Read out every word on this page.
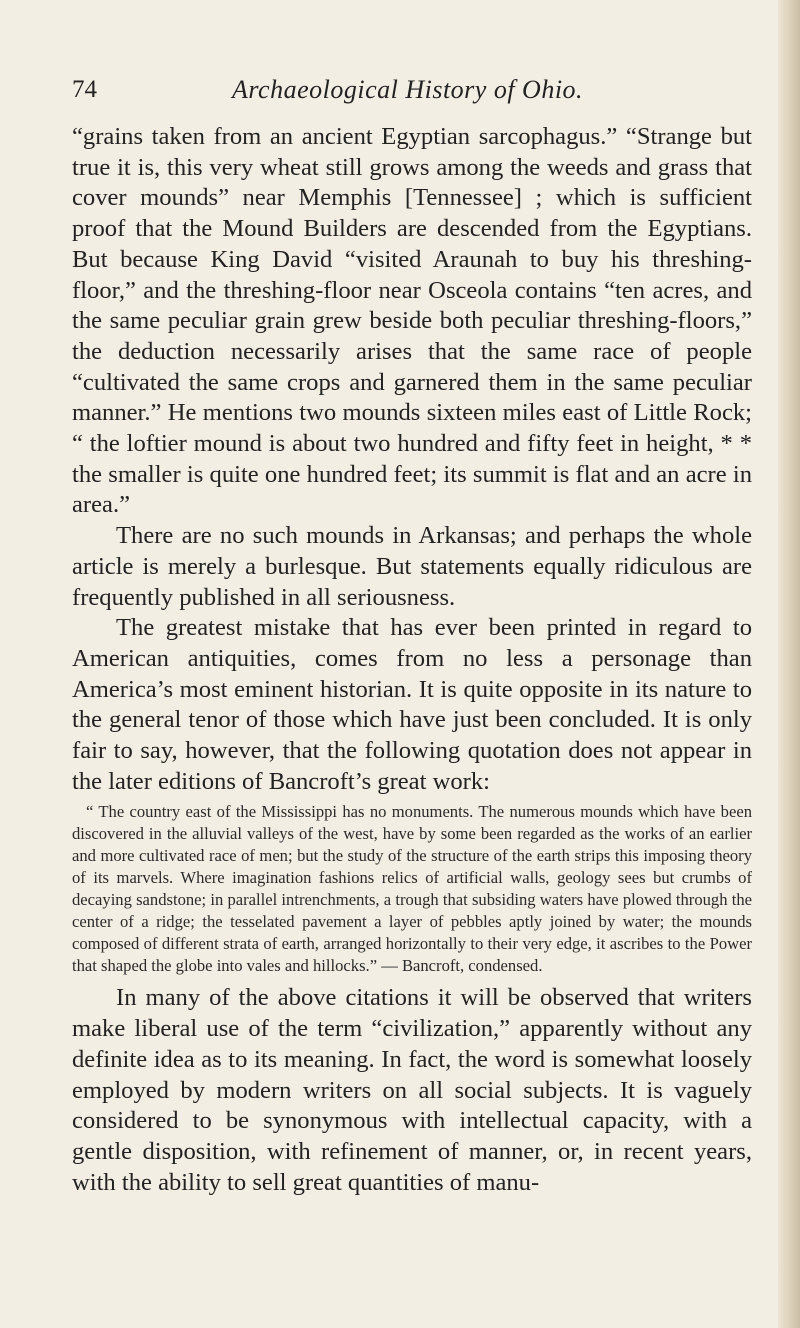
74	Archaeological History of Ohio.

“grains taken from an ancient Egyptian sarcophagus.” “Strange but true it is, this very wheat still grows among the weeds and grass that cover mounds” near Memphis [Tennessee] ; which is sufficient proof that the Mound Builders are descended from the Egyptians. But because King David “visited Araunah to buy his threshing-floor,” and the threshing-floor near Osceola contains “ten acres, and the same peculiar grain grew beside both peculiar threshing-floors,” the deduction necessarily arises that the same race of people “cultivated the same crops and garnered them in the same peculiar manner.” He mentions two mounds sixteen miles east of Little Rock; “ the loftier mound is about two hundred and fifty feet in height, * * the smaller is quite one hundred feet; its summit is flat and an acre in area.”

There are no such mounds in Arkansas; and perhaps the whole article is merely a burlesque. But statements equally ridiculous are frequently published in all seriousness.

The greatest mistake that has ever been printed in regard to American antiquities, comes from no less a personage than America’s most eminent historian. It is quite opposite in its nature to the general tenor of those which have just been concluded. It is only fair to say, however, that the following quotation does not appear in the later editions of Bancroft’s great work:

“ The country east of the Mississippi has no monuments. The numerous mounds which have been discovered in the alluvial valleys of the west, have by some been regarded as the works of an earlier and more cultivated race of men; but the study of the structure of the earth strips this imposing theory of its marvels. Where imagination fashions relics of artificial walls, geology sees but crumbs of decaying sandstone; in parallel intrenchments, a trough that subsiding waters have plowed through the center of a ridge; the tesselated pavement a layer of pebbles aptly joined by water; the mounds composed of different strata of earth, arranged horizontally to their very edge, it ascribes to the Power that shaped the globe into vales and hillocks.” — Bancroft, condensed.

In many of the above citations it will be observed that writers make liberal use of the term “civilization,” apparently without any definite idea as to its meaning. In fact, the word is somewhat loosely employed by modern writers on all social subjects. It is vaguely considered to be synonymous with intellectual capacity, with a gentle disposition, with refinement of manner, or, in recent years, with the ability to sell great quantities of manu-
